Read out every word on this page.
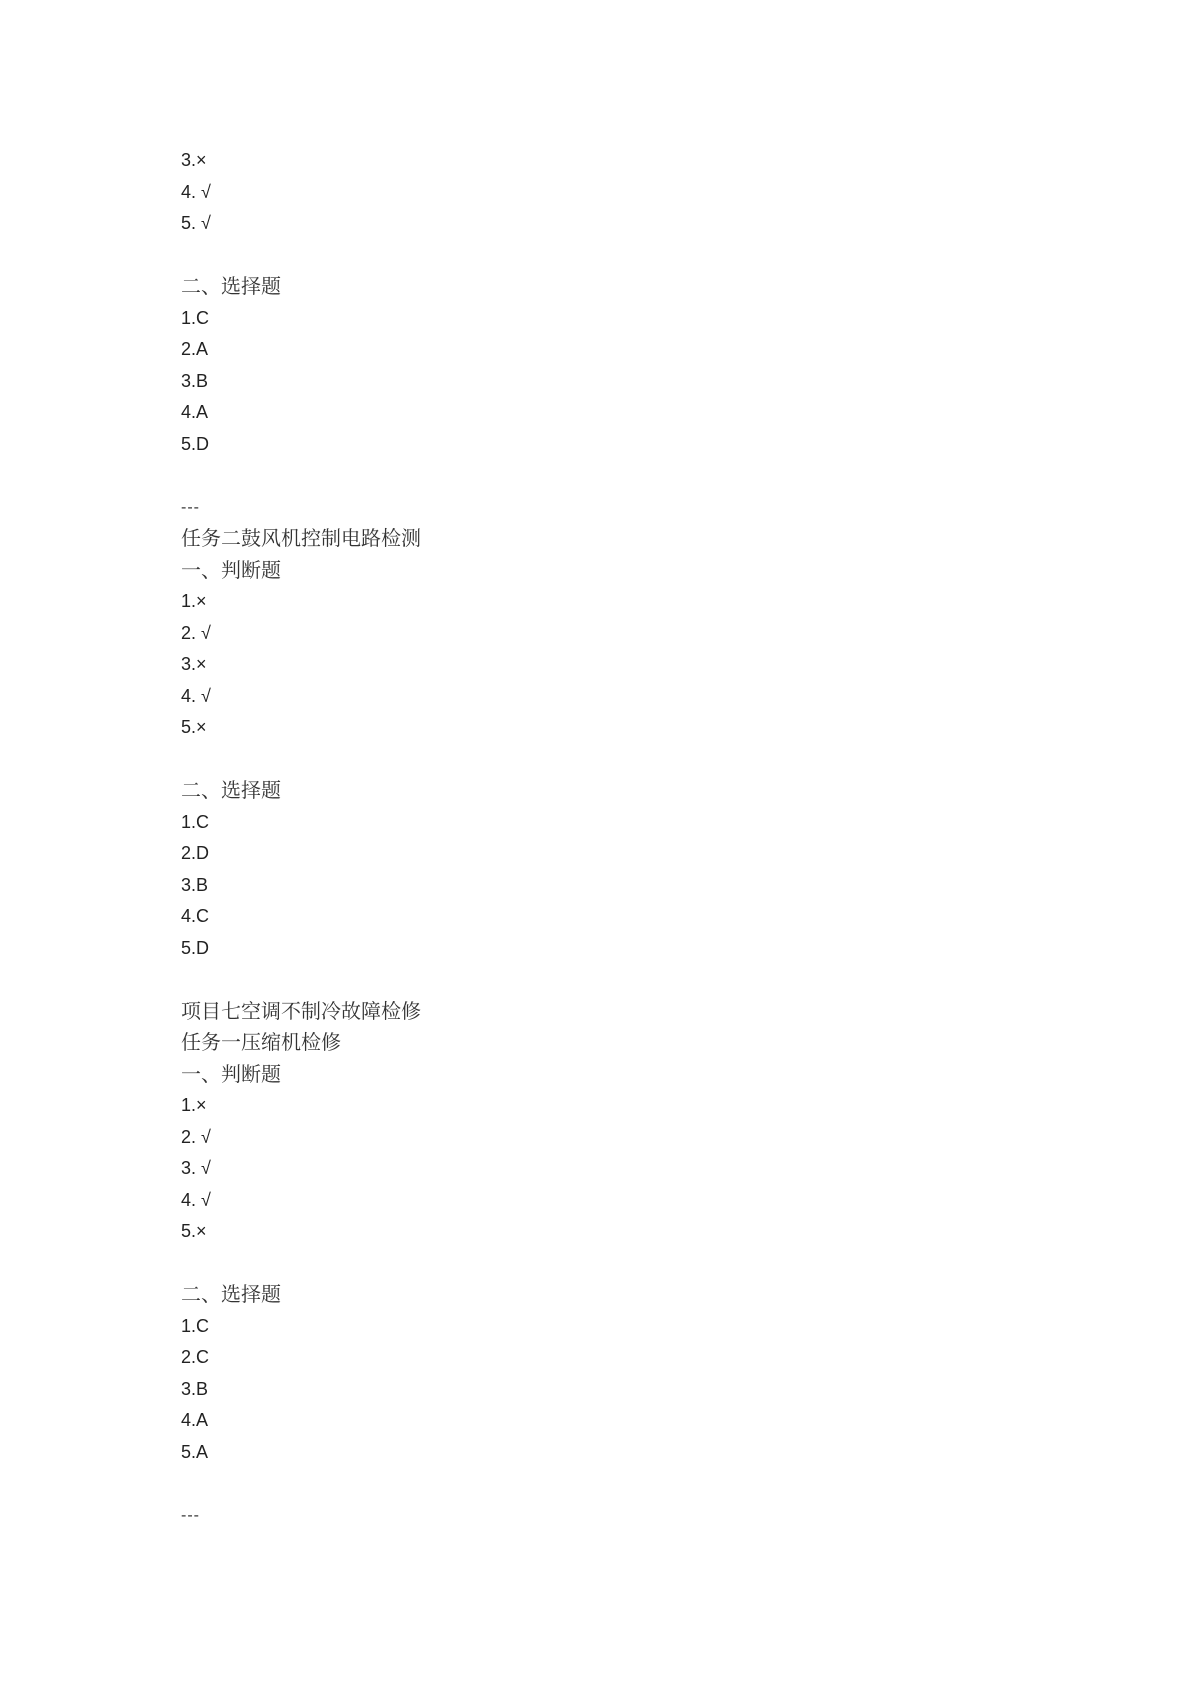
3.×
4. √
5. √
二、选择题
1.C
2.A
3.B
4.A
5.D
---
任务二鼓风机控制电路检测
一、判断题
1.×
2. √
3.×
4. √
5.×
二、选择题
1.C
2.D
3.B
4.C
5.D
项目七空调不制冷故障检修
任务一压缩机检修
一、判断题
1.×
2. √
3. √
4. √
5.×
二、选择题
1.C
2.C
3.B
4.A
5.A
---
